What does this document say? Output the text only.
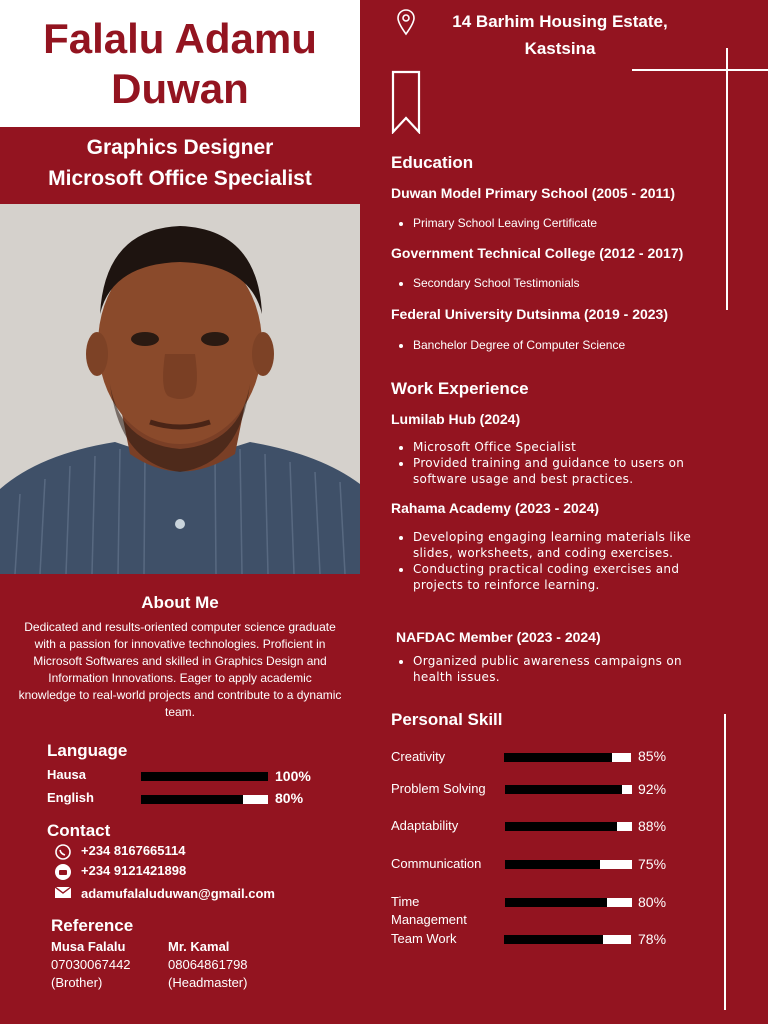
Falalu Adamu
Duwan
Graphics Designer
Microsoft Office Specialist
About Me
Dedicated and results-oriented computer science graduate with a passion for innovative technologies. Proficient in Microsoft Softwares and skilled in Graphics Design and Information Innovations. Eager to apply academic knowledge to real-world projects and contribute to a dynamic team.
Language
Hausa	100%
English	80%
Contact
+234 8167665114
+234 9121421898
adamufalaluduwan@gmail.com
Reference
Musa Falalu
07030067442
(Brother)
Mr. Kamal
08064861798
(Headmaster)
14 Barhim Housing Estate,
Kastsina
Education
Duwan Model Primary School (2005 - 2011)
• Primary School Leaving Certificate
Government Technical College (2012 - 2017)
• Secondary School Testimonials
Federal University Dutsinma (2019 - 2023)
• Banchelor Degree of Computer Science
Work Experience
Lumilab Hub (2024)
• Microsoft Office Specialist
• Provided training and guidance to users on software usage and best practices.
Rahama Academy (2023 - 2024)
• Developing engaging learning materials like slides, worksheets, and coding exercises.
• Conducting practical coding exercises and projects to reinforce learning.
NAFDAC Member (2023 - 2024)
• Organized public awareness campaigns on health issues.
Personal Skill
Creativity	85%
Problem Solving	92%
Adaptability	88%
Communication	75%
Time Management
80%
Team Work	78%
